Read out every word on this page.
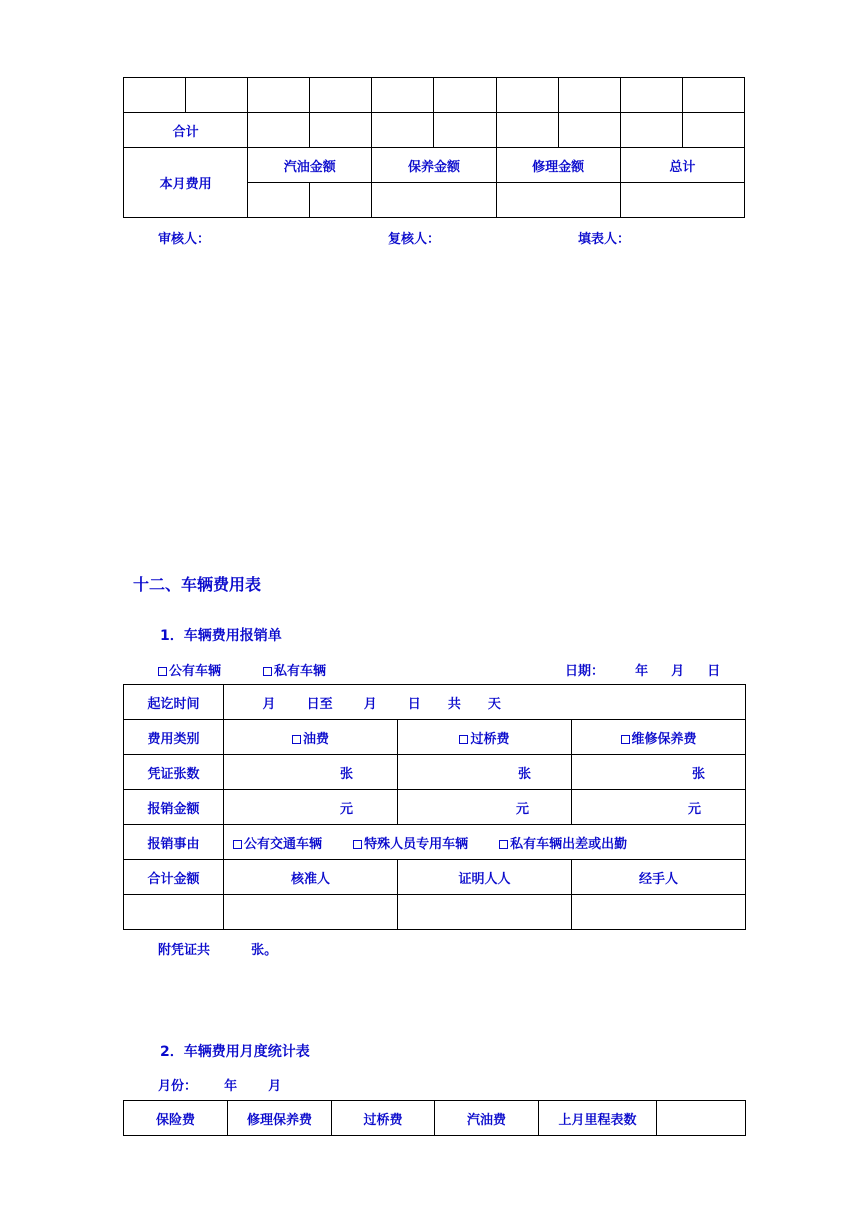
合计									
本月费用		汽油金额		保养金额		修理金额		总计	

审核人：	复核人：	填表人：
十二、车辆费用表
1．车辆费用报销单
公有车辆	私有车辆	日期： 年 月 日
起讫时间	月 日至 月 日 共 天		
费用类别	油费	过桥费	维修保养费
凭证张数	张	张	张
报销金额	元	元	元
报销事由	公有交通车辆 特殊人员专用车辆 私有车辆出差或出勤		
合计金额	核准人	证明人人	经手人

附凭证共	张。
2．车辆费用月度统计表
月份： 年 月
保险费	修理保养费	过桥费	汽油费	上月里程表数	
